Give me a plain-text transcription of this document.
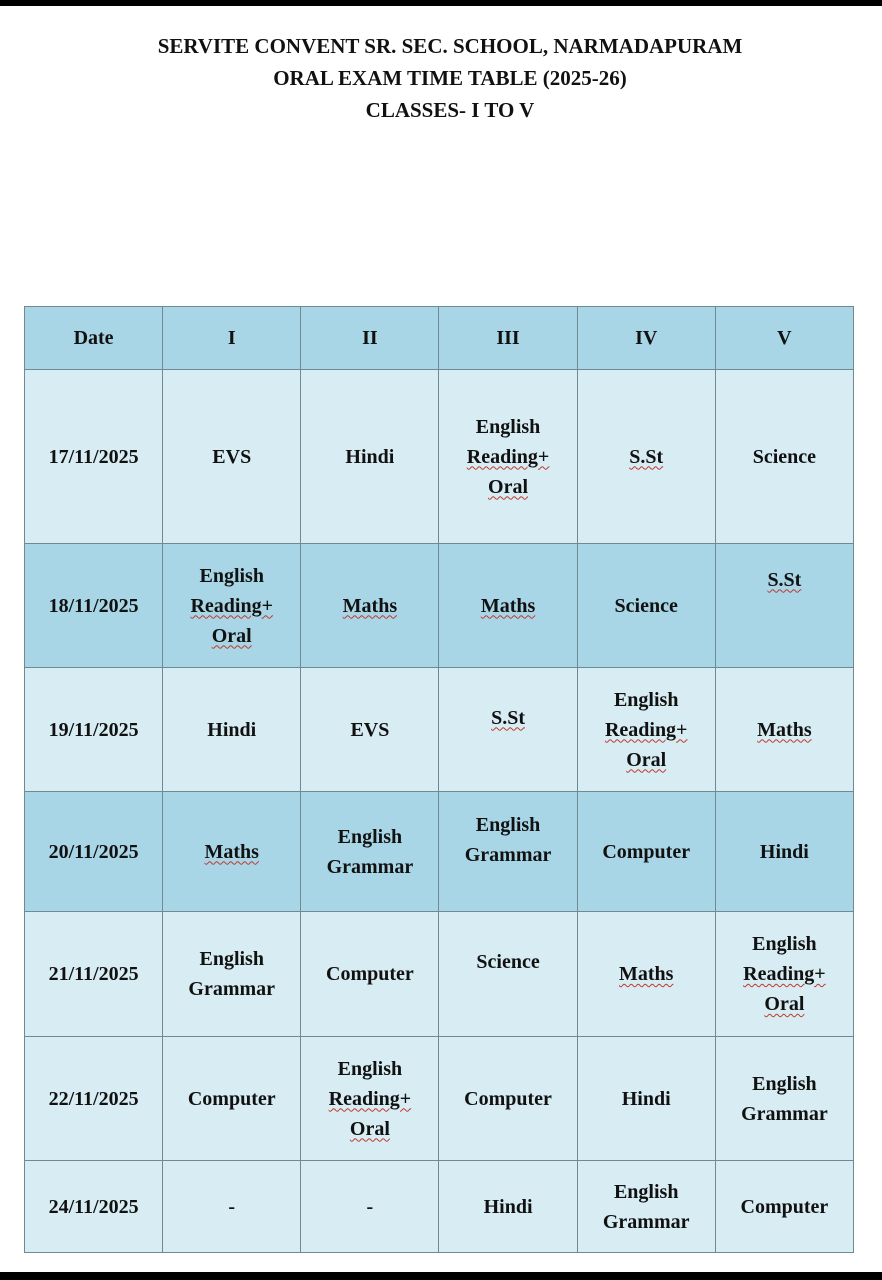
SERVITE CONVENT SR. SEC. SCHOOL, NARMADAPURAM
ORAL EXAM TIME TABLE (2025-26)
CLASSES- I TO V
Date	I	II	III	IV	V
17/11/2025	EVS	Hindi	English
Reading+
Oral	S.St	Science

18/11/2025	English
Reading+
Oral	Maths	Maths	Science	S.St

19/11/2025	Hindi	EVS	S.St	English
Reading+
Oral	Maths

20/11/2025	Maths	English
Grammar	English
Grammar	Computer	Hindi

21/11/2025	English
Grammar	Computer	Science	Maths	English
Reading+
Oral

22/11/2025	Computer	English
Reading+
Oral	Computer	Hindi	English
Grammar

24/11/2025	-	-	Hindi	English
Grammar	Computer
